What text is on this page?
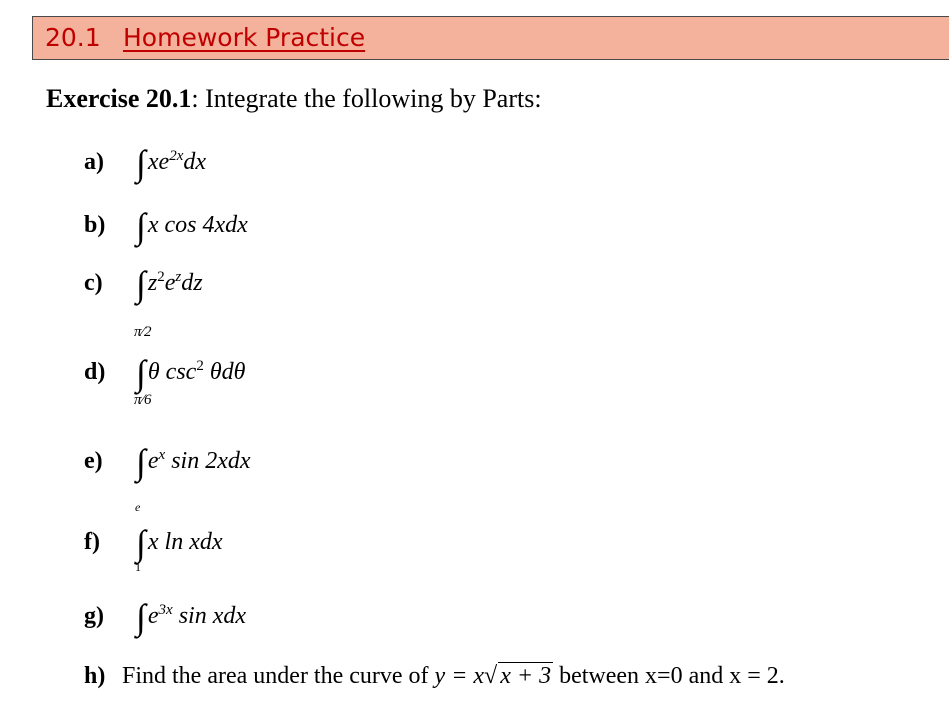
20.1 Homework Practice
Exercise 20.1: Integrate the following by Parts:
a) $\int xe^{2x}dx$
b) ∫x cos 4xdx
c) $\int z^2e^zdz$
π⁄2
d) ∫θ $\csc^2 \theta d\theta$
π⁄6
e) $\int e^x$ sin 2xdx
e
f) ∫x ln xdx
1
g) $\int e^{3x}$ sin xdx
h) Find the area under the curve of y = x√ x + 3 between x=0 and x = 2.
